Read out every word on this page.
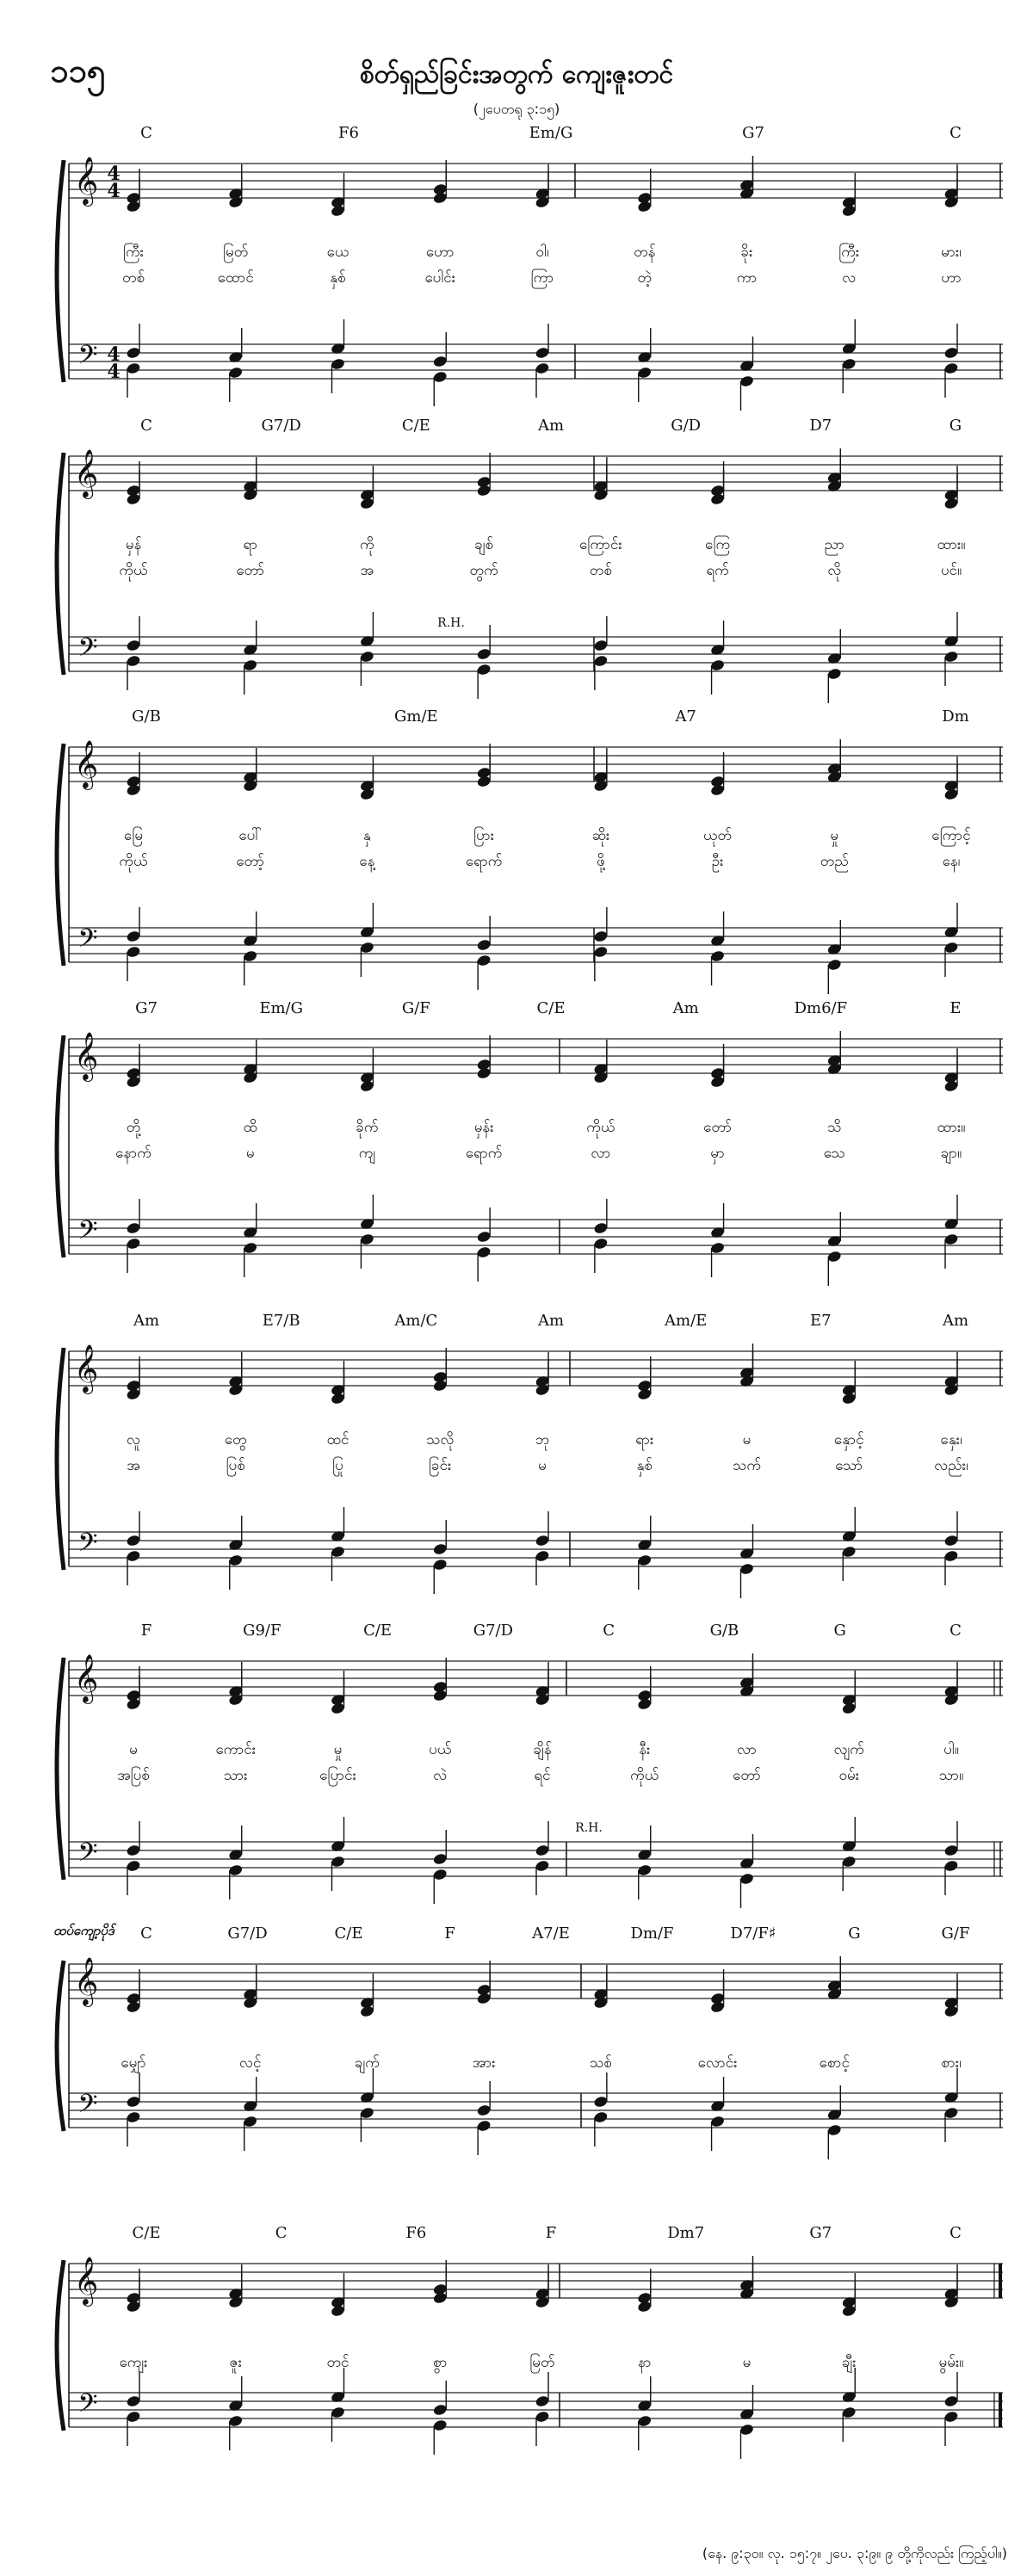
၁၁၅	စိတ်ရှည်ခြင်းအတွက် ကျေးဇူးတင်
(၂ပေတရု ၃:၁၅)
𝄞
𝄢
4
4
4
4
C	F6	Em/G	G7	C
ကြီး	မြတ်	ယေ	ဟော	ဝါ၊	တန်	ခိုး	ကြီး	မား၊
တစ်	ထောင်	နှစ်	ပေါင်း	ကြာ	တဲ့	ကာ	လ	ဟာ
𝄞
𝄢
C	G7/D	C/E	Am	G/D	D7	G
မှန်	ရာ	ကို	ချစ်	ကြောင်း	ကြေ	ညာ	ထား။
ကိုယ်	တော်	အ	တွက်	တစ်	ရက်	လို	ပင်။
𝄞
𝄢
G/B	Gm/E	A7	Dm
မြေ	ပေါ်	နှ	ပြား	ဆိုး	ယုတ်	မှု	ကြောင့်
ကိုယ်	တော့်	နေ့	ရောက်	ဖို့	ဦး	တည်	နေ၊
𝄞
𝄢
G7	Em/G	G/F	C/E	Am	Dm6/F	E
တို့	ထိ	ခိုက်	မှန်း	ကိုယ်	တော်	သိ	ထား။
နောက်	မ	ကျ	ရောက်	လာ	မှာ	သေ	ချာ။
𝄞
𝄢
Am	E7/B	Am/C	Am	Am/E	E7	Am
လူ	တွေ	ထင်	သလို	ဘု	ရား	မ	နှောင့်	နှေး၊
အ	ပြစ်	ပြု	ခြင်း	မ	နှစ်	သက်	သော်	လည်း၊
𝄞
𝄢
F	G9/F	C/E	G7/D	C	G/B	G	C
မ	ကောင်း	မှု	ပယ်	ချိန်	နီး	လာ	လျက်	ပါ။
အပြစ်	သား	ပြောင်း	လဲ	ရင်	ကိုယ်	တော်	ဝမ်း	သာ။
𝄞
𝄢
C	G7/D	C/E	F	A7/E	Dm/F	D7/F♯	G	G/F
မျှော်	လင့်	ချက်	အား	သစ်	လောင်း	စောင့်	စား၊
𝄞
𝄢
C/E	C	F6	F	Dm7	G7	C
ကျေး	ဇူး	တင်	စွာ	မြတ်	နာ	မ	ချီး	မွမ်း။
R.H.
R.H.
ထပ်ကျော့ပိုဒ်
(နေ. ၉:၃၀။ လု. ၁၅:၇။ ၂ပေ. ၃:၉။ ၉ တို့ကိုလည်း ကြည့်ပါ။)
